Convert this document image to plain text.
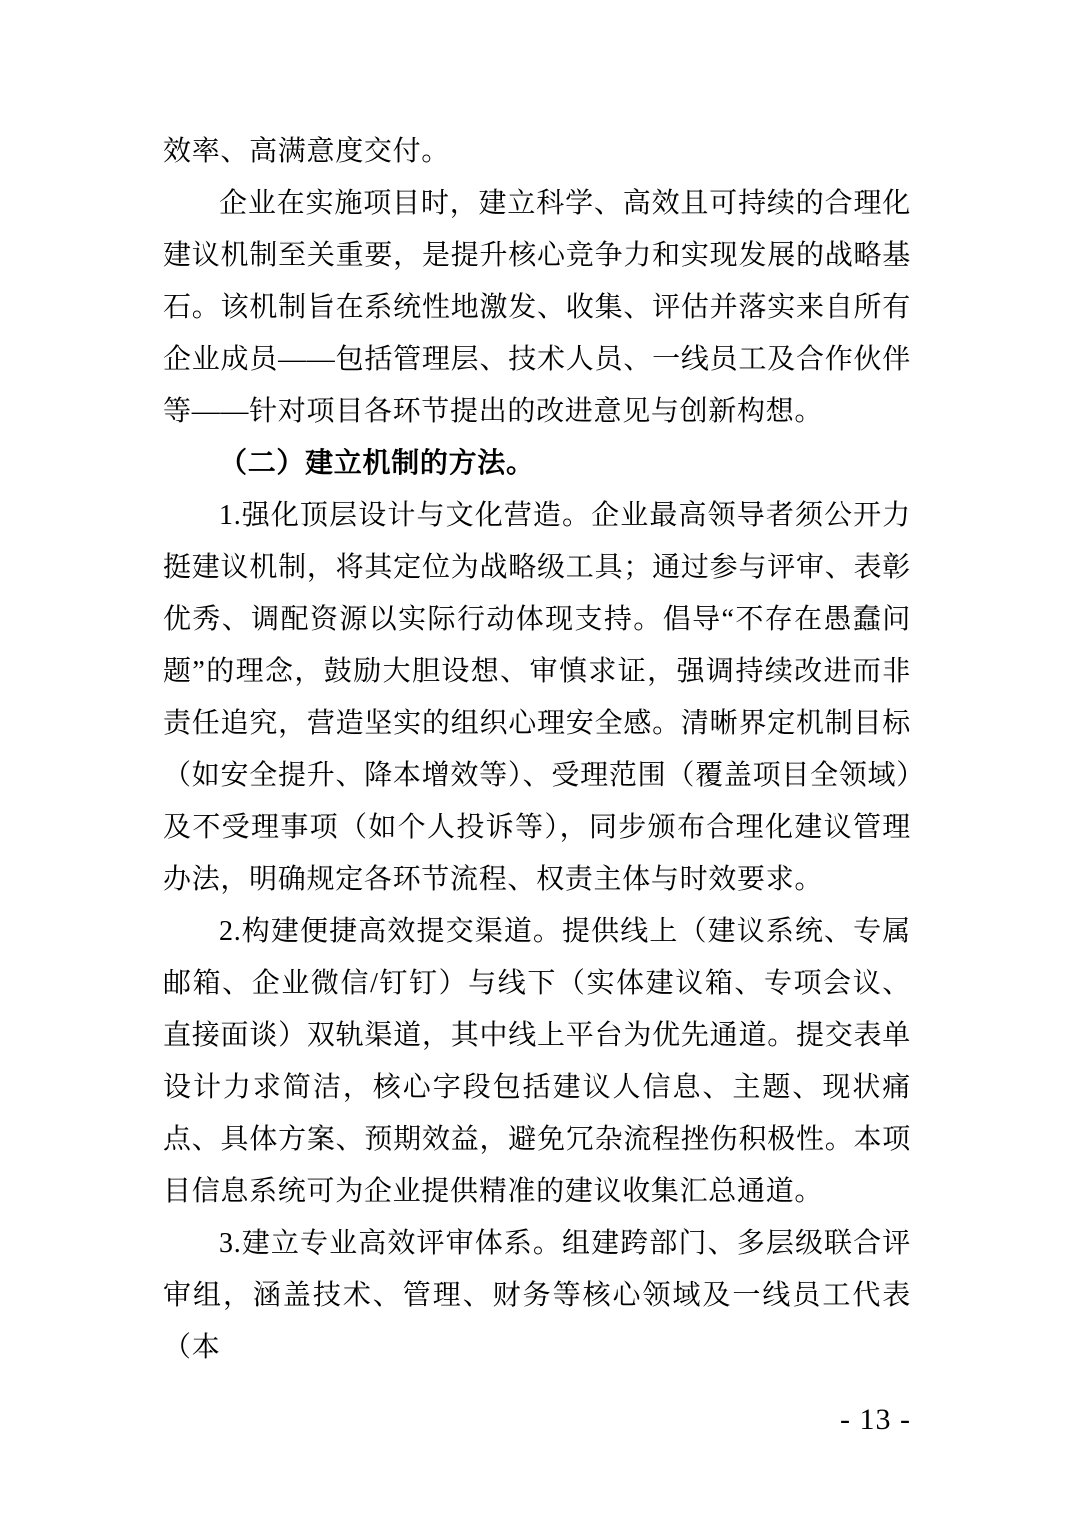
效率、高满意度交付。

企业在实施项目时，建立科学、高效且可持续的合理化建议机制至关重要，是提升核心竞争力和实现发展的战略基石。该机制旨在系统性地激发、收集、评估并落实来自所有企业成员——包括管理层、技术人员、一线员工及合作伙伴等——针对项目各环节提出的改进意见与创新构想。

（二）建立机制的方法。

1.强化顶层设计与文化营造。企业最高领导者须公开力挺建议机制，将其定位为战略级工具；通过参与评审、表彰优秀、调配资源以实际行动体现支持。倡导“不存在愚蠢问题”的理念，鼓励大胆设想、审慎求证，强调持续改进而非责任追究，营造坚实的组织心理安全感。清晰界定机制目标（如安全提升、降本增效等）、受理范围（覆盖项目全领域）及不受理事项（如个人投诉等），同步颁布合理化建议管理办法，明确规定各环节流程、权责主体与时效要求。

2.构建便捷高效提交渠道。提供线上（建议系统、专属邮箱、企业微信/钉钉）与线下（实体建议箱、专项会议、直接面谈）双轨渠道，其中线上平台为优先通道。提交表单设计力求简洁，核心字段包括建议人信息、主题、现状痛点、具体方案、预期效益，避免冗杂流程挫伤积极性。本项目信息系统可为企业提供精准的建议收集汇总通道。

3.建立专业高效评审体系。组建跨部门、多层级联合评审组，涵盖技术、管理、财务等核心领域及一线员工代表（本

- 13 -
